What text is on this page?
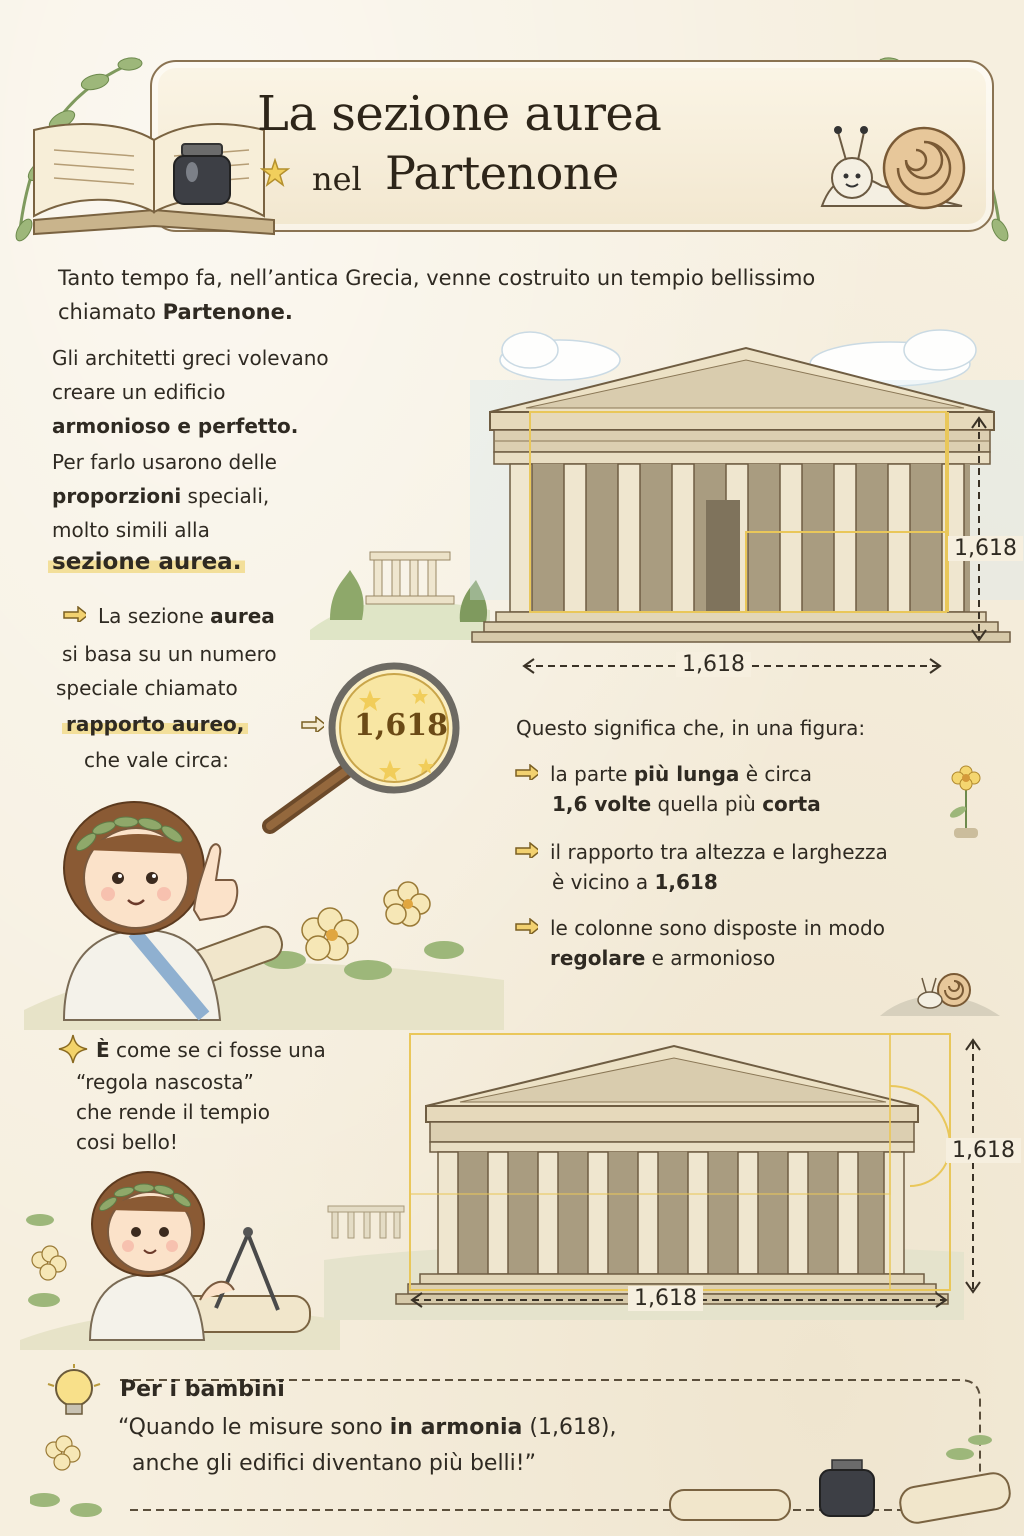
La sezione aurea
nel Partenone
Tanto tempo fa, nell’antica Grecia, venne costruito un tempio bellissimo
chiamato Partenone.
Gli architetti greci volevano
creare un edificio
armonioso e perfetto.
Per farlo usarono delle
proporzioni speciali,
molto simili alla
sezione aurea.
1,618
1,618
La sezione aurea
si basa su un numero
speciale chiamato
rapporto aureo,
che vale circa:
1,618	Questo significa che, in una figura:
la parte più lunga è circa
1,6 volte quella più corta
il rapporto tra altezza e larghezza
è vicino a 1,618
le colonne sono disposte in modo
regolare e armonioso
È come se ci fosse una
“regola nascosta”
che rende il tempio
cosi bello!	1,618
1,618
Per i bambini
“Quando le misure sono in armonia (1,618),
anche gli edifici diventano più belli!”
